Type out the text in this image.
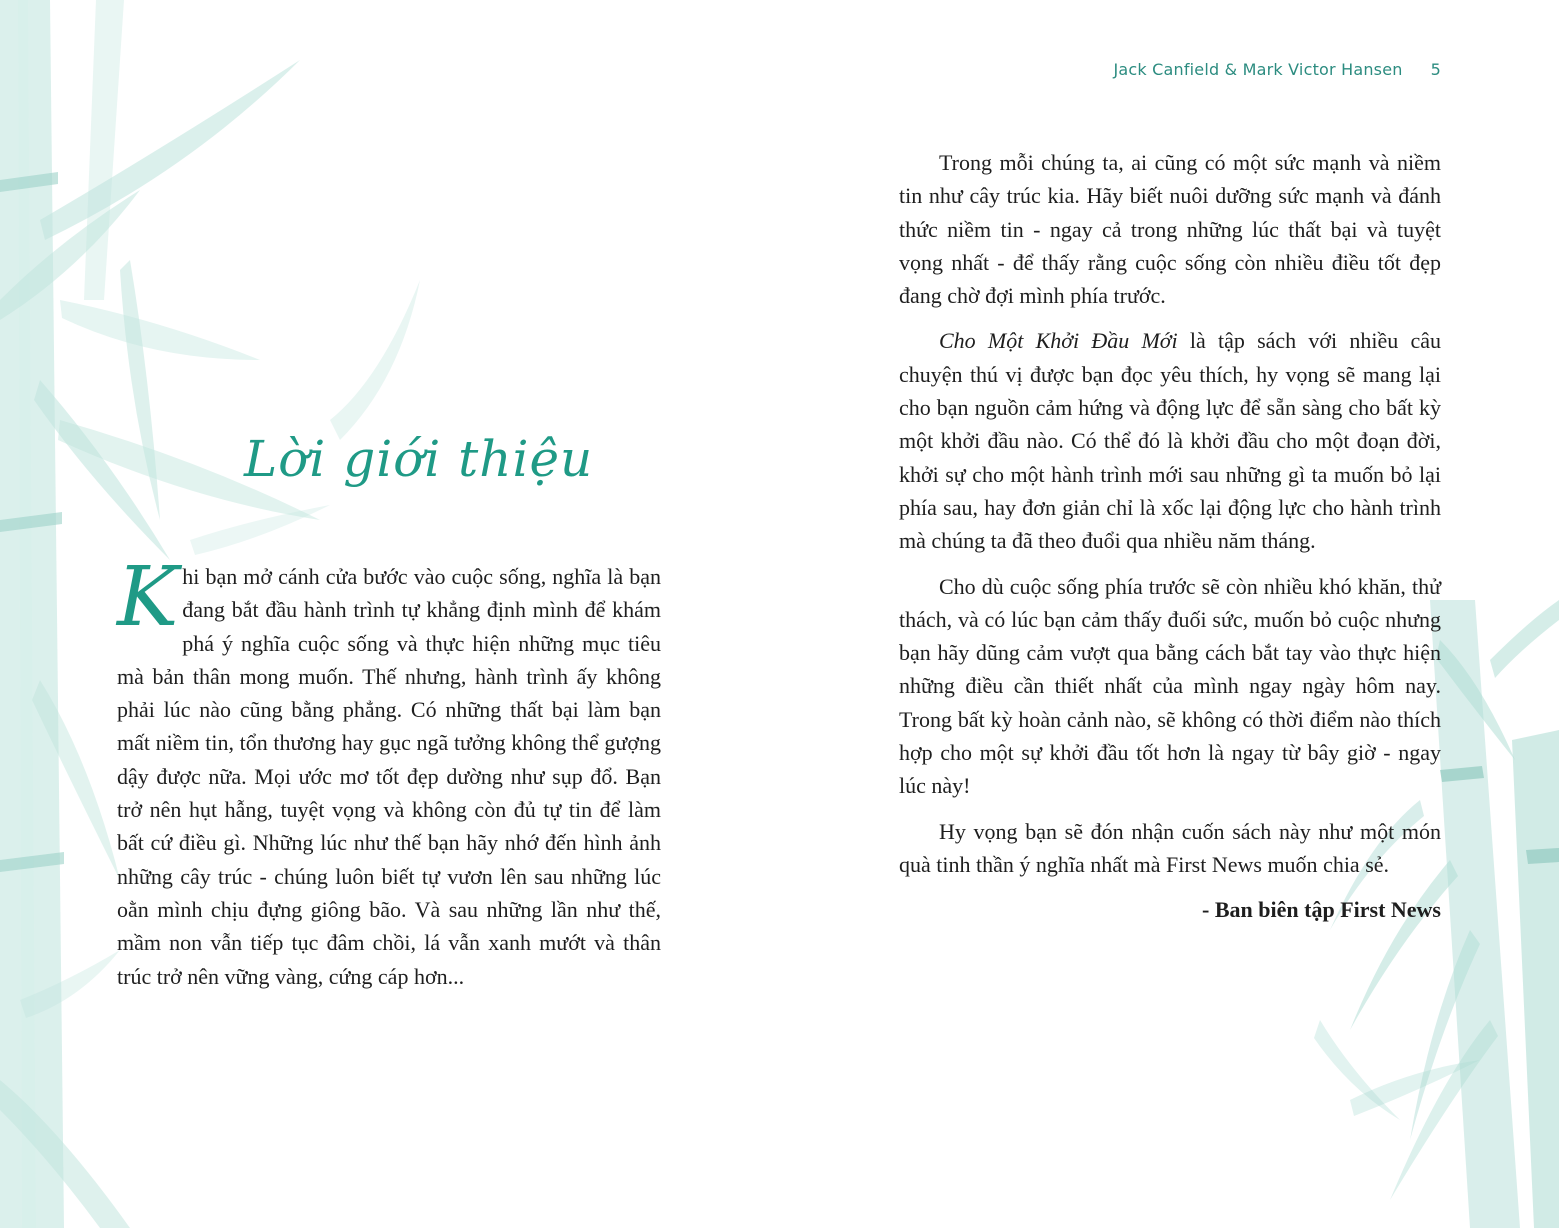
Jack Canfield & Mark Victor Hansen 5
Lời giới thiệu
Khi bạn mở cánh cửa bước vào cuộc sống, nghĩa là bạn đang bắt đầu hành trình tự khẳng định mình để khám phá ý nghĩa cuộc sống và thực hiện những mục tiêu mà bản thân mong muốn. Thế nhưng, hành trình ấy không phải lúc nào cũng bằng phẳng. Có những thất bại làm bạn mất niềm tin, tổn thương hay gục ngã tưởng không thể gượng dậy được nữa. Mọi ước mơ tốt đẹp dường như sụp đổ. Bạn trở nên hụt hẫng, tuyệt vọng và không còn đủ tự tin để làm bất cứ điều gì. Những lúc như thế bạn hãy nhớ đến hình ảnh những cây trúc - chúng luôn biết tự vươn lên sau những lúc oằn mình chịu đựng giông bão. Và sau những lần như thế, mầm non vẫn tiếp tục đâm chồi, lá vẫn xanh mướt và thân trúc trở nên vững vàng, cứng cáp hơn...

Trong mỗi chúng ta, ai cũng có một sức mạnh và niềm tin như cây trúc kia. Hãy biết nuôi dưỡng sức mạnh và đánh thức niềm tin - ngay cả trong những lúc thất bại và tuyệt vọng nhất - để thấy rằng cuộc sống còn nhiều điều tốt đẹp đang chờ đợi mình phía trước.

Cho Một Khởi Đầu Mới là tập sách với nhiều câu chuyện thú vị được bạn đọc yêu thích, hy vọng sẽ mang lại cho bạn nguồn cảm hứng và động lực để sẵn sàng cho bất kỳ một khởi đầu nào. Có thể đó là khởi đầu cho một đoạn đời, khởi sự cho một hành trình mới sau những gì ta muốn bỏ lại phía sau, hay đơn giản chỉ là xốc lại động lực cho hành trình mà chúng ta đã theo đuổi qua nhiều năm tháng.

Cho dù cuộc sống phía trước sẽ còn nhiều khó khăn, thử thách, và có lúc bạn cảm thấy đuối sức, muốn bỏ cuộc nhưng bạn hãy dũng cảm vượt qua bằng cách bắt tay vào thực hiện những điều cần thiết nhất của mình ngay ngày hôm nay. Trong bất kỳ hoàn cảnh nào, sẽ không có thời điểm nào thích hợp cho một sự khởi đầu tốt hơn là ngay từ bây giờ - ngay lúc này!

Hy vọng bạn sẽ đón nhận cuốn sách này như một món quà tinh thần ý nghĩa nhất mà First News muốn chia sẻ.

- Ban biên tập First News
